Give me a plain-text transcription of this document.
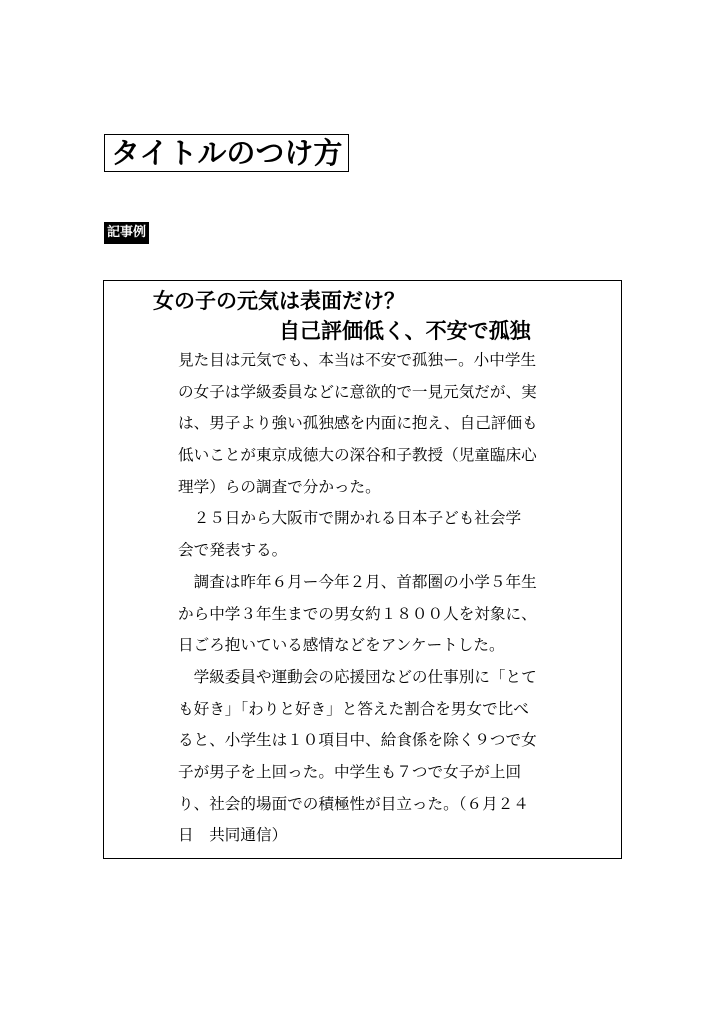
タイトルのつけ方
記事例
女の子の元気は表面だけ？
自己評価低く、不安で孤独
見た目は元気でも、本当は不安で孤独ー。小中学生
の女子は学級委員などに意欲的で一見元気だが、実
は、男子より強い孤独感を内面に抱え、自己評価も
低いことが東京成徳大の深谷和子教授（児童臨床心
理学）らの調査で分かった。
　２５日から大阪市で開かれる日本子ども社会学
会で発表する。
　調査は昨年６月ー今年２月、首都圏の小学５年生
から中学３年生までの男女約１８００人を対象に、
日ごろ抱いている感情などをアンケートした。
　学級委員や運動会の応援団などの仕事別に「とて
も好き」「わりと好き」と答えた割合を男女で比べ
ると、小学生は１０項目中、給食係を除く９つで女
子が男子を上回った。中学生も７つで女子が上回
り、社会的場面での積極性が目立った。（６月２４
日　共同通信）
